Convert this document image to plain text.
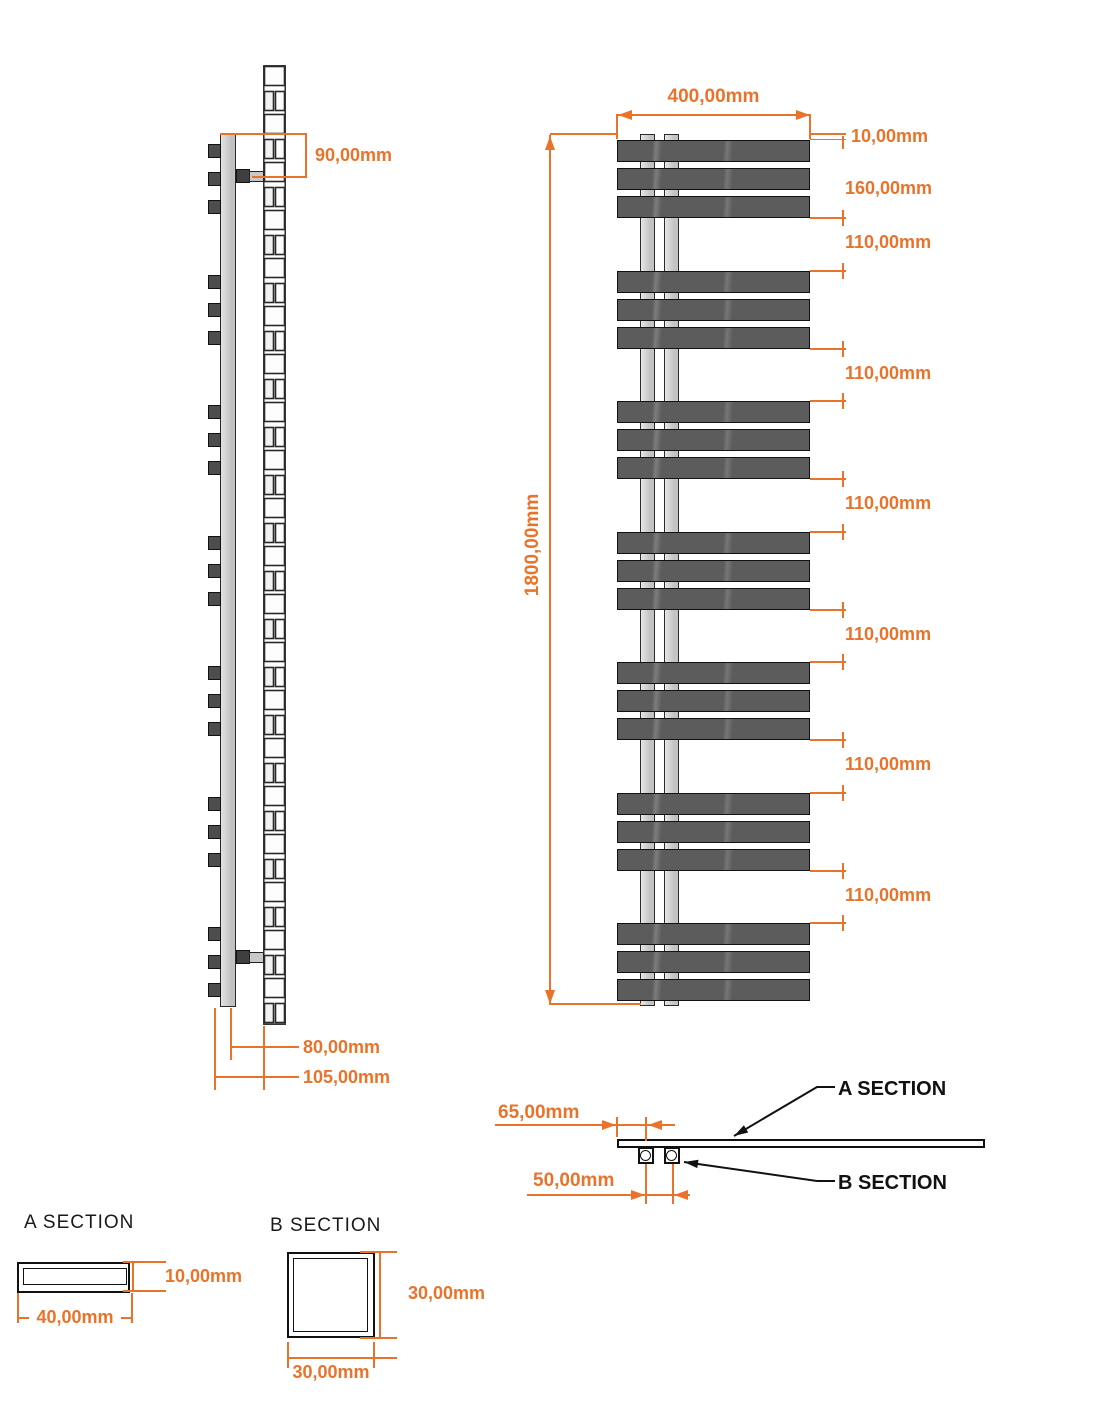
90,00mm
80,00mm
105,00mm
400,00mm
1800,00mm
10,00mm
160,00mm
110,00mm
110,00mm
110,00mm
110,00mm
110,00mm
110,00mm
65,00mm
50,00mm
A SECTION
B SECTION
A SECTION
10,00mm
40,00mm
B SECTION
30,00mm
30,00mm
